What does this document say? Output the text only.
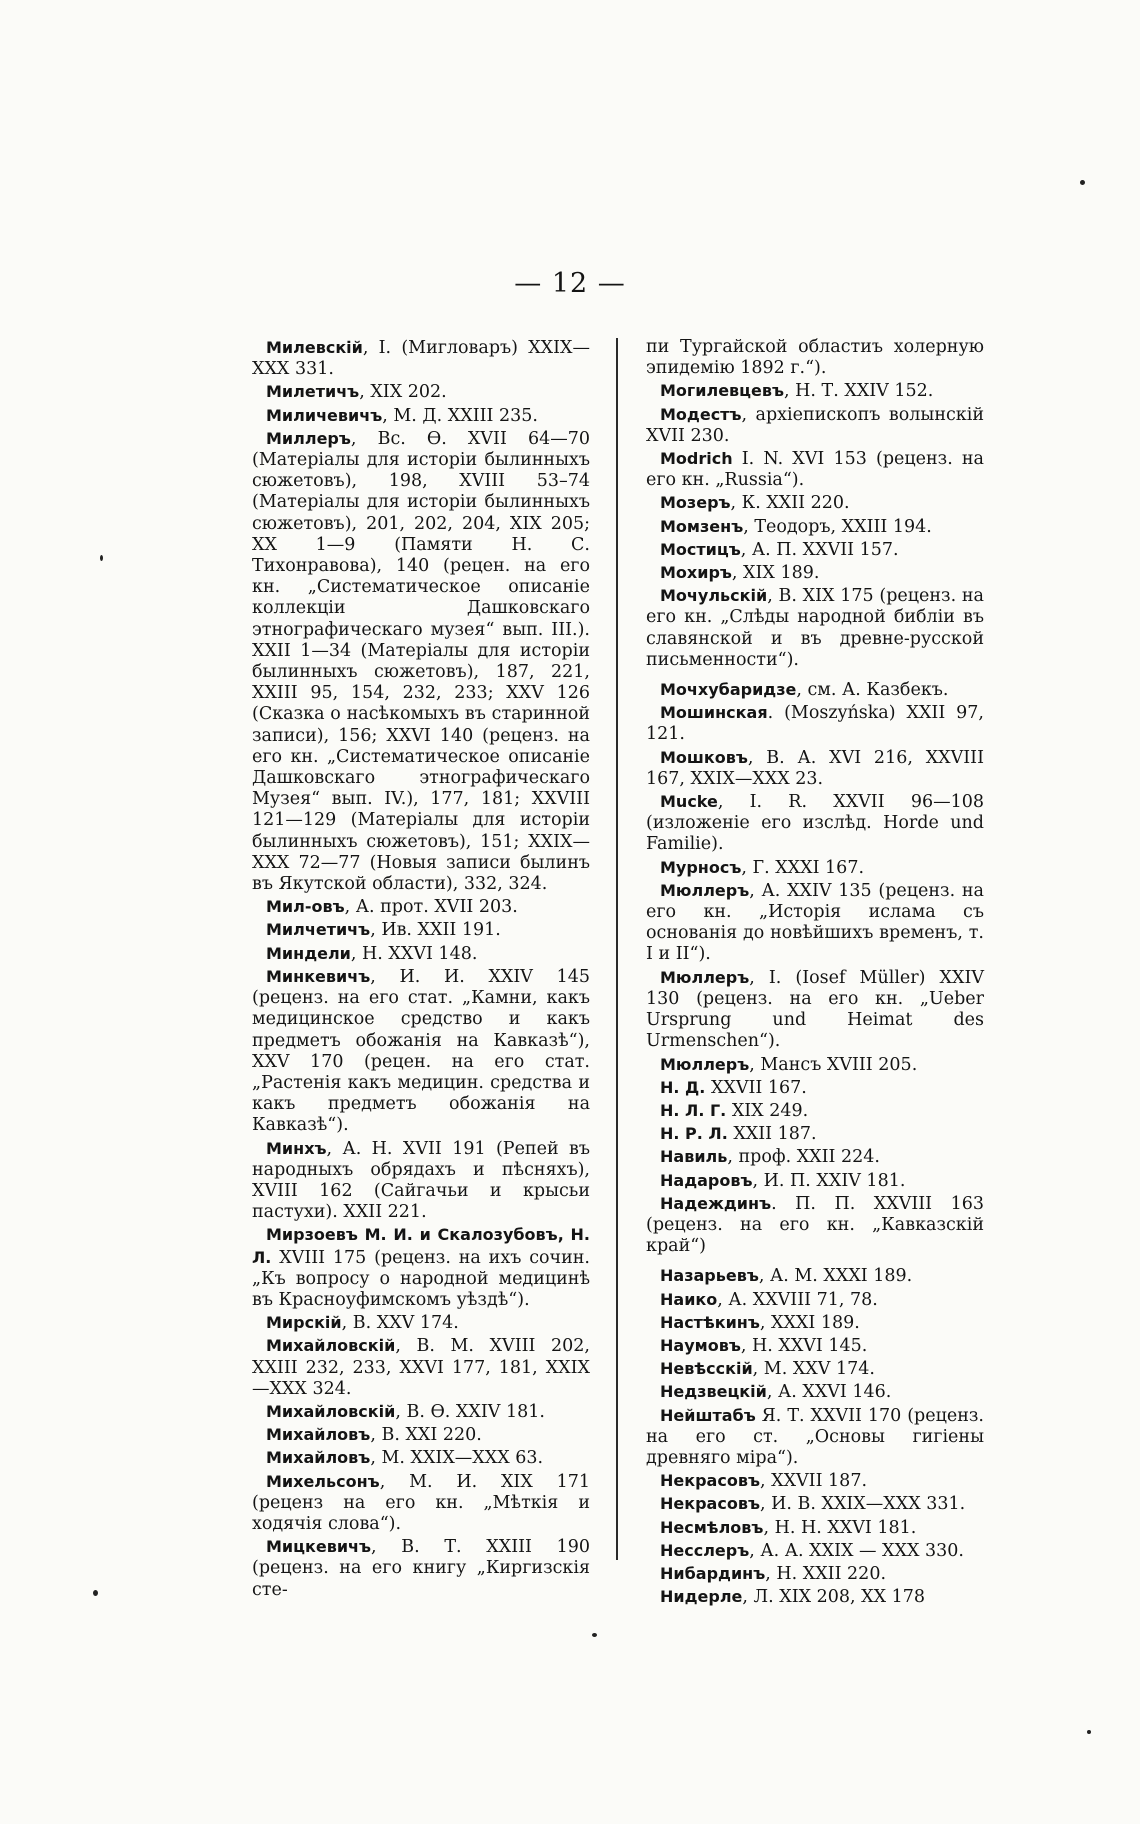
— 12 —

Милевскій, I. (Мигловаръ) XXIX—XXX 331.

Милетичъ, XIX 202.

Миличевичъ, М. Д. XXIII 235.

Миллеръ, Вс. Ѳ. XVII 64—70 (Матеріалы для исторіи былинныхъ сюжетовъ), 198, XVIII 53–74 (Матеріалы для исторіи былинныхъ сюжетовъ), 201, 202, 204, XIX 205; XX 1—9 (Памяти Н. С. Тихонравова), 140 (рецен. на его кн. „Систематическое описаніе коллекціи Дашковскаго этнографическаго музея“ вып. III.). XXII 1—34 (Матеріалы для исторіи былинныхъ сюжетовъ), 187, 221, XXIII 95, 154, 232, 233; XXV 126 (Сказка о насѣкомыхъ въ старинной записи), 156; XXVI 140 (реценз. на его кн. „Систематическое описаніе Дашковскаго этнографическаго Музея“ вып. IV.), 177, 181; XXVIII 121—129 (Матеріалы для исторіи былинныхъ сюжетовъ), 151; XXIX—XXX 72—77 (Новыя записи былинъ въ Якутской области), 332, 324.

Мил-овъ, А. прот. XVII 203.

Милчетичъ, Ив. XXII 191.

Миндели, Н. XXVI 148.

Минкевичъ, И. И. XXIV 145 (реценз. на его стат. „Камни, какъ медицинское средство и какъ предметъ обожанія на Кавказѣ“), XXV 170 (рецен. на его стат. „Растенія какъ медицин. средства и какъ предметъ обожанія на Кавказѣ“).

Минхъ, А. Н. XVII 191 (Репей въ народныхъ обрядахъ и пѣсняхъ), XVIII 162 (Сайгачьи и крысьи пастухи). XXII 221.

Мирзоевъ М. И. и Скалозубовъ, Н. Л. XVIII 175 (реценз. на ихъ сочин. „Къ вопросу о народной медицинѣ въ Красноуфимскомъ уѣздѣ“).

Мирскій, В. XXV 174.

Михайловскій, В. М. XVIII 202, XXIII 232, 233, XXVI 177, 181, XXIX—XXX 324.

Михайловскій, В. Ѳ. XXIV 181.

Михайловъ, В. XXI 220.

Михайловъ, М. XXIX—XXX 63.

Михельсонъ, М. И. XIX 171 (реценз на его кн. „Мѣткія и ходячія слова“).

Мицкевичъ, В. Т. XXIII 190 (реценз. на его книгу „Киргизскія сте-

пи Тургайской областиъ холерную эпидемію 1892 г.“).

Могилевцевъ, Н. Т. XXIV 152.

Модестъ, архіепископъ волынскій XVII 230.

Modrich I. N. XVI 153 (реценз. на его кн. „Russia“).

Мозеръ, К. XXII 220.

Момзенъ, Теодоръ, XXIII 194.

Мостицъ, А. П. XXVII 157.

Мохиръ, XIX 189.

Мочульскій, В. XIX 175 (реценз. на его кн. „Слѣды народной библіи въ славянской и въ древне-русской письменности“).

Мочхубаридзе, см. А. Казбекъ.

Мошинская. (Moszyńska) XXII 97, 121.

Мошковъ, В. А. XVI 216, XXVIII 167, XXIX—XXX 23.

Mucke, I. R. XXVII 96—108 (изложеніе его изслѣд. Horde und Familie).

Мурносъ, Г. XXXI 167.

Мюллеръ, А. XXIV 135 (реценз. на его кн. „Исторія ислама съ основанія до новѣйшихъ временъ, т. I и II“).

Мюллеръ, I. (Iosef Müller) XXIV 130 (реценз. на его кн. „Ueber Ursprung und Heimat des Urmenschen“).

Мюллеръ, Мансъ XVIII 205.

Н. Д. XXVII 167.

Н. Л. Г. XIX 249.

Н. Р. Л. XXII 187.

Навиль, проф. XXII 224.

Надаровъ, И. П. XXIV 181.

Надеждинъ. П. П. XXVIII 163 (реценз. на его кн. „Кавказскій край“)

Назарьевъ, А. М. XXXI 189.

Наико, А. XXVIII 71, 78.

Настѣкинъ, XXXI 189.

Наумовъ, Н. XXVI 145.

Невѣсскій, М. XXV 174.

Недзвецкій, А. XXVI 146.

Нейштабъ Я. Т. XXVII 170 (реценз. на его ст. „Основы гигіены древняго міра“).

Некрасовъ, XXVII 187.

Некрасовъ, И. В. XXIX—XXX 331.

Несмѣловъ, Н. Н. XXVI 181.

Несслеръ, А. А. XXIX — XXX 330.

Нибардинъ, Н. XXII 220.

Нидерле, Л. XIX 208, XX 178
